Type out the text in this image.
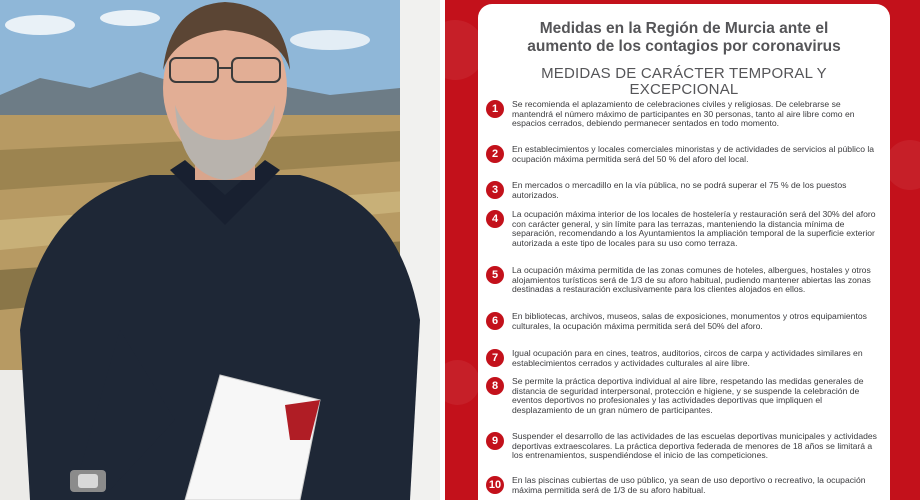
Medidas en la Región de Murcia ante el
aumento de los contagios por coronavirus
MEDIDAS DE CARÁCTER TEMPORAL Y
EXCEPCIONAL
1	Se recomienda el aplazamiento de celebraciones civiles y religiosas. De celebrarse se mantendrá el número máximo de participantes en 30 personas, tanto al aire libre como en espacios cerrados, debiendo permanecer sentados en todo momento.
2	En establecimientos y locales comerciales minoristas y de actividades de servicios al público la ocupación máxima permitida será del 50 % del aforo del local.
3	En mercados o mercadillo en la vía pública, no se podrá superar el 75 % de los puestos autorizados.
4	La ocupación máxima interior de los locales de hostelería y restauración será del 30% del aforo con carácter general, y sin límite para las terrazas, manteniendo la distancia mínima de separación, recomendando a los Ayuntamientos la ampliación temporal de la superficie exterior autorizada a este tipo de locales para su uso como terraza.
5	La ocupación máxima permitida de las zonas comunes de hoteles, albergues, hostales y otros alojamientos turísticos será de 1/3 de su aforo habitual, pudiendo mantener abiertas las zonas destinadas a restauración exclusivamente para los clientes alojados en ellos.
6	En bibliotecas, archivos, museos, salas de exposiciones, monumentos y otros equipamientos culturales, la ocupación máxima permitida será del 50% del aforo.
7	Igual ocupación para en cines, teatros, auditorios, circos de carpa y actividades similares en establecimientos cerrados y actividades culturales al aire libre.
8	Se permite la práctica deportiva individual al aire libre, respetando las medidas generales de distancia de seguridad interpersonal, protección e higiene, y se suspende la celebración de eventos deportivos no profesionales y las actividades deportivas que impliquen el desplazamiento de un gran número de participantes.
9	Suspender el desarrollo de las actividades de las escuelas deportivas municipales y actividades deportivas extraescolares. La práctica deportiva federada de menores de 18 años se limitará a los entrenamientos, suspendiéndose el inicio de las competiciones.
10	En las piscinas cubiertas de uso público, ya sean de uso deportivo o recreativo, la ocupación máxima permitida será de 1/3 de su aforo habitual.
